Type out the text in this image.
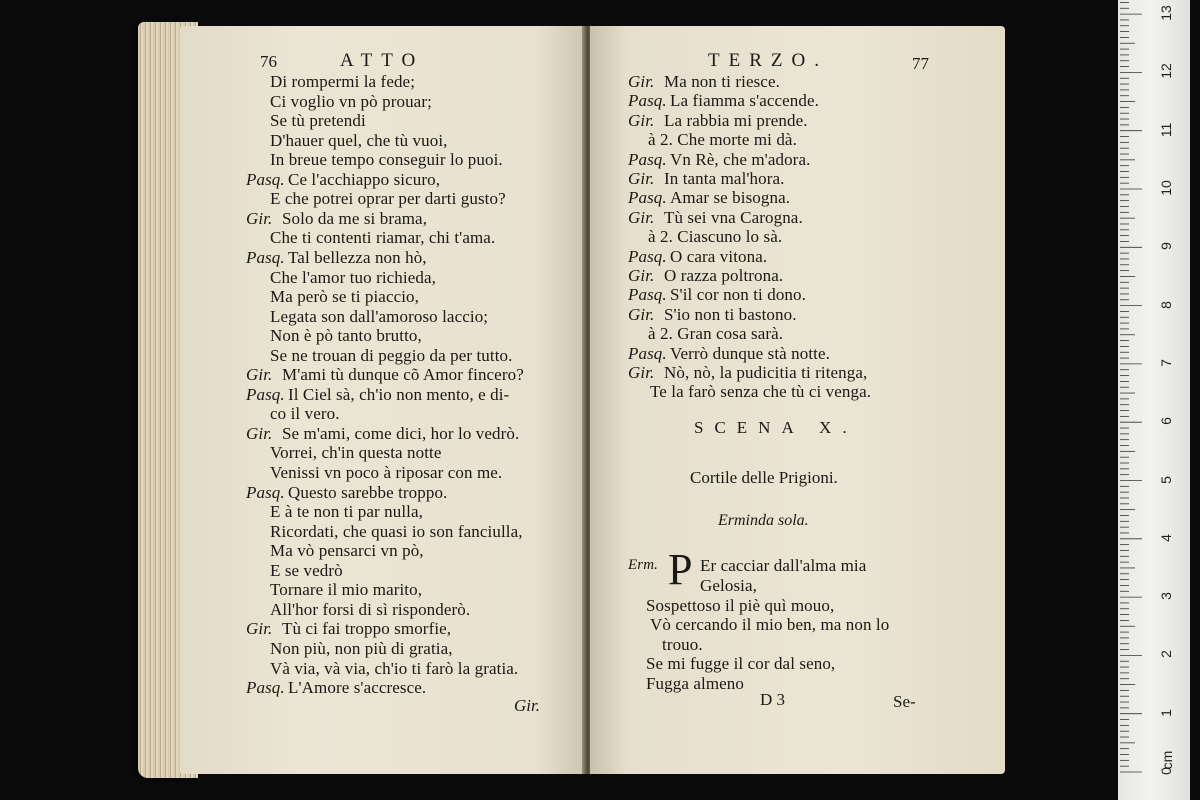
76	ATTO
Di rompermi la fede;
Ci voglio vn pò prouar;
Se tù pretendi
D'hauer quel, che tù vuoi,
In breue tempo conseguir lo puoi.
Pasq. Ce l'acchiappo sicuro,
E che potrei oprar per darti gusto?
Gir. Solo da me si brama,
Che ti contenti riamar, chi t'ama.
Pasq. Tal bellezza non hò,
Che l'amor tuo richieda,
Ma però se ti piaccio,
Legata son dall'amoroso laccio;
Non è pò tanto brutto,
Se ne trouan di peggio da per tutto.
Gir. M'ami tù dunque cõ Amor fincero?
Pasq. Il Ciel sà, ch'io non mento, e di-
co il vero.
Gir. Se m'ami, come dici, hor lo vedrò.
Vorrei, ch'in questa notte
Venissi vn poco à riposar con me.
Pasq. Questo sarebbe troppo.
E à te non ti par nulla,
Ricordati, che quasi io son fanciulla,
Ma vò pensarci vn pò,
E se vedrò
Tornare il mio marito,
All'hor forsi di sì risponderò.
Gir. Tù ci fai troppo smorfie,
Non più, non più di gratia,
Và via, và via, ch'io ti farò la gratia.
Pasq. L'Amore s'accresce.
Gir.
TERZO.	77
Gir. Ma non ti riesce.
Pasq. La fiamma s'accende.
Gir. La rabbia mi prende.
à 2. Che morte mi dà.
Pasq. Vn Rè, che m'adora.
Gir. In tanta mal'hora.
Pasq. Amar se bisogna.
Gir. Tù sei vna Carogna.
à 2. Ciascuno lo sà.
Pasq. O cara vitona.
Gir. O razza poltrona.
Pasq. S'il cor non ti dono.
Gir. S'io non ti bastono.
à 2. Gran cosa sarà.
Pasq. Verrò dunque stà notte.
Gir. Nò, nò, la pudicitia ti ritenga,
Te la farò senza che tù ci venga.
SCENA X.
Cortile delle Prigioni.
Erminda sola.
Erm. P Er cacciar dall'alma mia
Gelosia,
Sospettoso il piè quì mouo,
Vò cercando il mio ben, ma non lo
trouo.
Se mi fugge il cor dal seno,
Fugga almeno
D 3	Se-
0
1
2
3
4
5
6
7
8
9
10
11
12
13
cm
